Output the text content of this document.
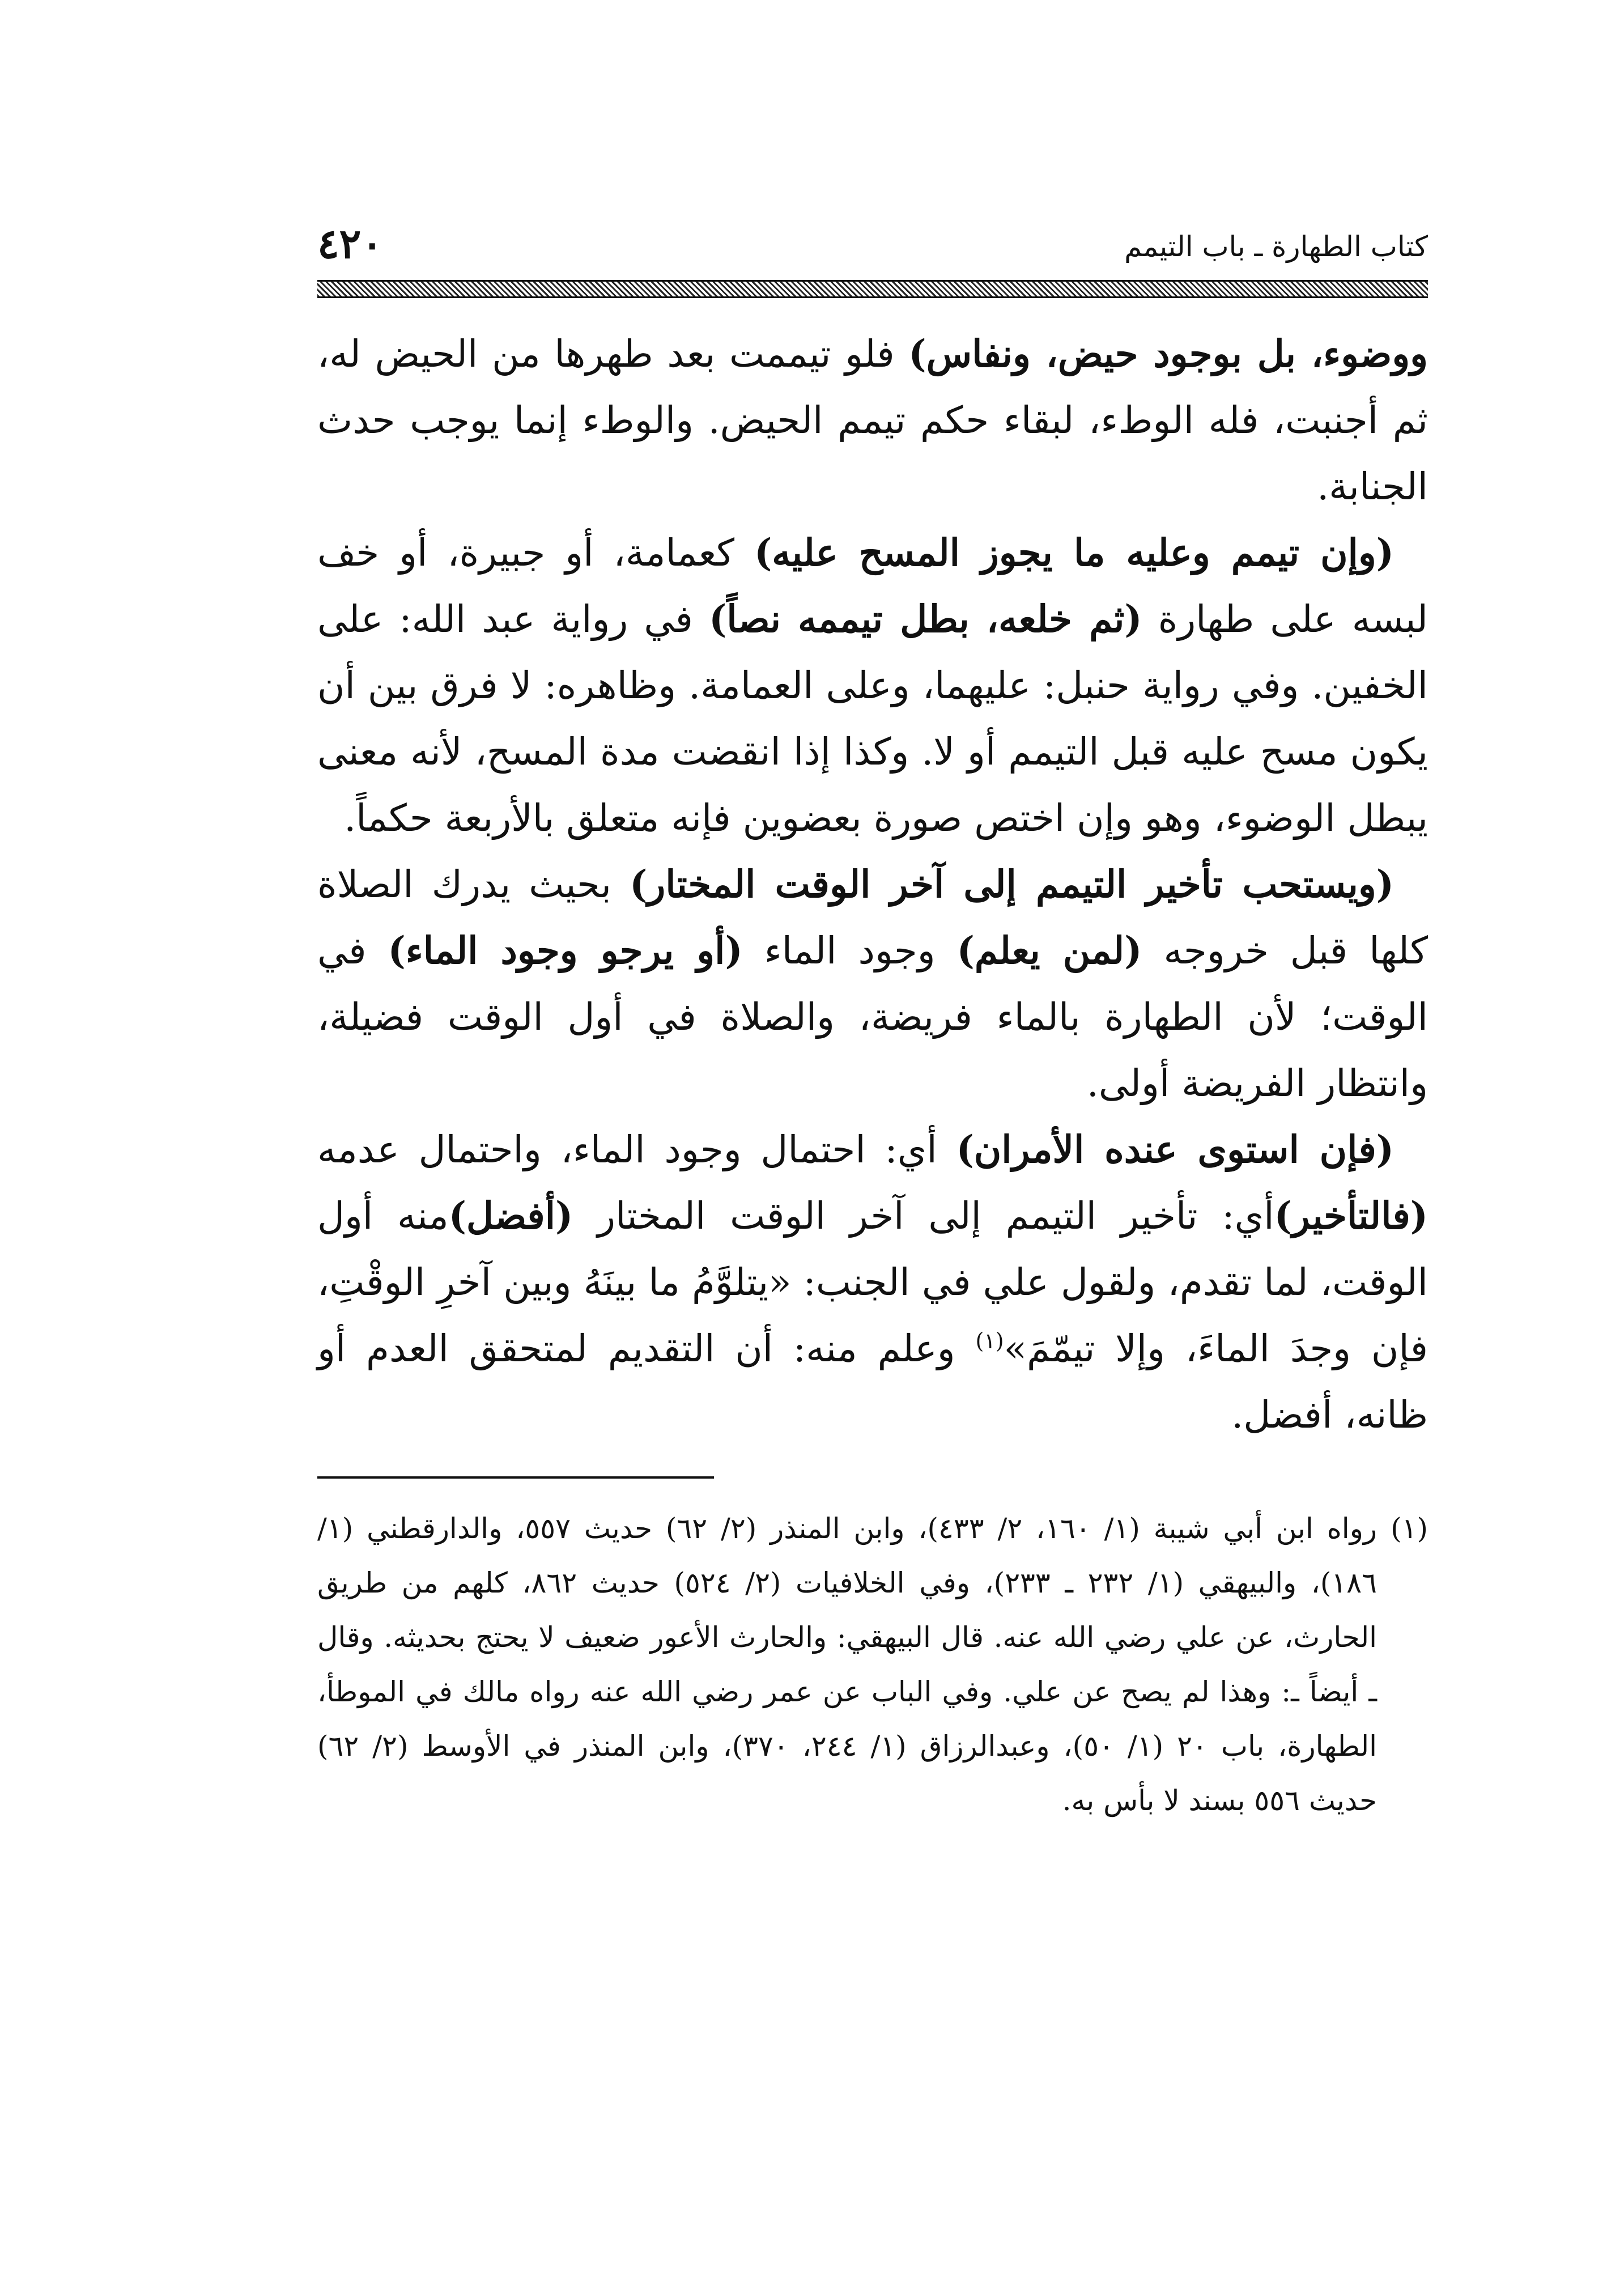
كتاب الطهارة ـ باب التيمم
٤٢٠

ووضوء، بل بوجود حيض، ونفاس) فلو تيممت بعد طهرها من الحيض له، ثم أجنبت، فله الوطء، لبقاء حكم تيمم الحيض. والوطء إنما يوجب حدث الجنابة.

(وإن تيمم وعليه ما يجوز المسح عليه) كعمامة، أو جبيرة، أو خف لبسه على طهارة (ثم خلعه، بطل تيممه نصاً) في رواية عبد الله: على الخفين. وفي رواية حنبل: عليهما، وعلى العمامة. وظاهره: لا فرق بين أن يكون مسح عليه قبل التيمم أو لا. وكذا إذا انقضت مدة المسح، لأنه معنى يبطل الوضوء، وهو وإن اختص صورة بعضوين فإنه متعلق بالأربعة حكماً.

(ويستحب تأخير التيمم إلى آخر الوقت المختار) بحيث يدرك الصلاة كلها قبل خروجه (لمن يعلم) وجود الماء (أو يرجو وجود الماء) في الوقت؛ لأن الطهارة بالماء فريضة، والصلاة في أول الوقت فضيلة، وانتظار الفريضة أولى.

(فإن استوى عنده الأمران) أي: احتمال وجود الماء، واحتمال عدمه (فالتأخير)أي: تأخير التيمم إلى آخر الوقت المختار (أفضل)منه أول الوقت، لما تقدم، ولقول علي في الجنب: «يتلوَّمُ ما بينَهُ وبين آخرِ الوقْتِ، فإن وجدَ الماءَ، وإلا تيمّمَ»$^{(١)}$ وعلم منه: أن التقديم لمتحقق العدم أو ظانه، أفضل.

(١)
رواه ابن أبي شيبة (١/ ١٦٠، ٢/ ٤٣٣)، وابن المنذر (٢/ ٦٢) حديث ٥٥٧، والدارقطني (١/ ١٨٦)، والبيهقي (١/ ٢٣٢ ـ ٢٣٣)، وفي الخلافيات (٢/ ٥٢٤) حديث ٨٦٢، كلهم من طريق الحارث، عن علي رضي الله عنه. قال البيهقي: والحارث الأعور ضعيف لا يحتج بحديثه. وقال ـ أيضاً ـ: وهذا لم يصح عن علي. وفي الباب عن عمر رضي الله عنه رواه مالك في الموطأ، الطهارة، باب ٢٠ (١/ ٥٠)، وعبدالرزاق (١/ ٢٤٤، ٣٧٠)، وابن المنذر في الأوسط (٢/ ٦٢) حديث ٥٥٦ بسند لا بأس به.
